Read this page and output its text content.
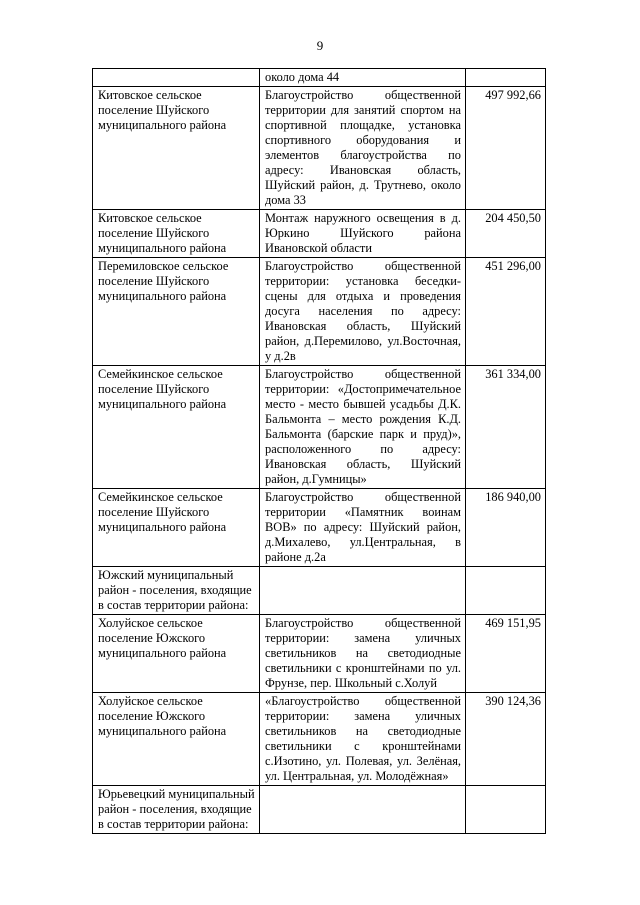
9
	около дома 44	
Китовское сельское поселение Шуйского муниципального района	Благоустройство общественной территории для занятий спортом на спортивной площадке, установка спортивного оборудования и элементов благоустройства по адресу: Ивановская область, Шуйский район, д. Трутнево, около дома 33	497 992,66
Китовское сельское поселение Шуйского муниципального района	Монтаж наружного освещения в д. Юркино Шуйского района Ивановской области	204 450,50
Перемиловское сельское поселение Шуйского муниципального района	Благоустройство общественной территории: установка беседки-сцены для отдыха и проведения досуга населения по адресу: Ивановская область, Шуйский район, д.Перемилово, ул.Восточная, у д.2в	451 296,00
Семейкинское сельское поселение Шуйского муниципального района	Благоустройство общественной территории: «Достопримечательное место - место бывшей усадьбы Д.К. Бальмонта – место рождения К.Д. Бальмонта (барские парк и пруд)», расположенного по адресу: Ивановская область, Шуйский район, д.Гумницы»	361 334,00
Семейкинское сельское поселение Шуйского муниципального района	Благоустройство общественной территории «Памятник воинам ВОВ» по адресу: Шуйский район, д.Михалево, ул.Центральная, в районе д.2а	186 940,00
Южский муниципальный район - поселения, входящие в состав территории района:		
Холуйское сельское поселение Южского муниципального района	Благоустройство общественной территории: замена уличных светильников на светодиодные светильники с кронштейнами по ул. Фрунзе, пер. Школьный с.Холуй	469 151,95
Холуйское сельское поселение Южского муниципального района	«Благоустройство общественной территории: замена уличных светильников на светодиодные светильники с кронштейнами с.Изотино, ул. Полевая, ул. Зелёная, ул. Центральная, ул. Молодёжная»	390 124,36
Юрьевецкий муниципальный район - поселения, входящие в состав территории района:		
